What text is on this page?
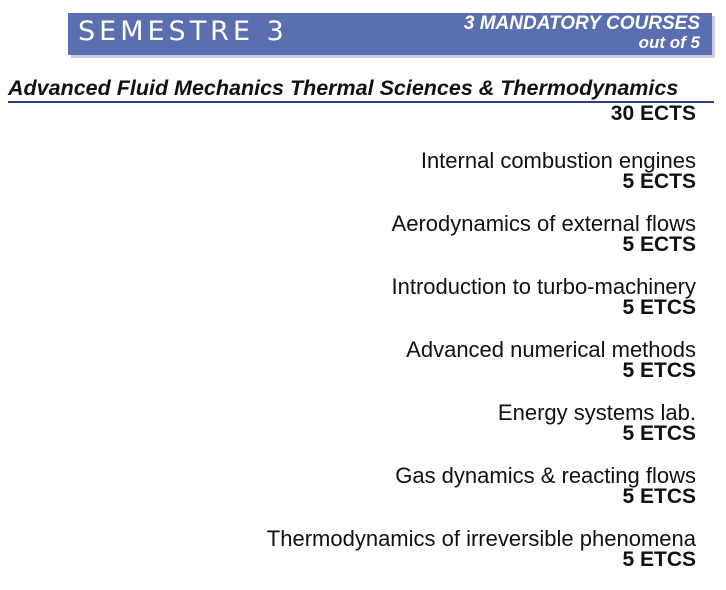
SEMESTRE 3	3 MANDATORY COURSES
out of 5
Advanced Fluid Mechanics Thermal Sciences & Thermodynamics
30 ECTS
Internal combustion engines
5 ECTS
Aerodynamics of external flows
5 ECTS
Introduction to turbo-machinery
5 ETCS
Advanced numerical methods
5 ETCS
Energy systems lab.
5 ETCS
Gas dynamics & reacting flows
5 ETCS
Thermodynamics of irreversible phenomena
5 ETCS
